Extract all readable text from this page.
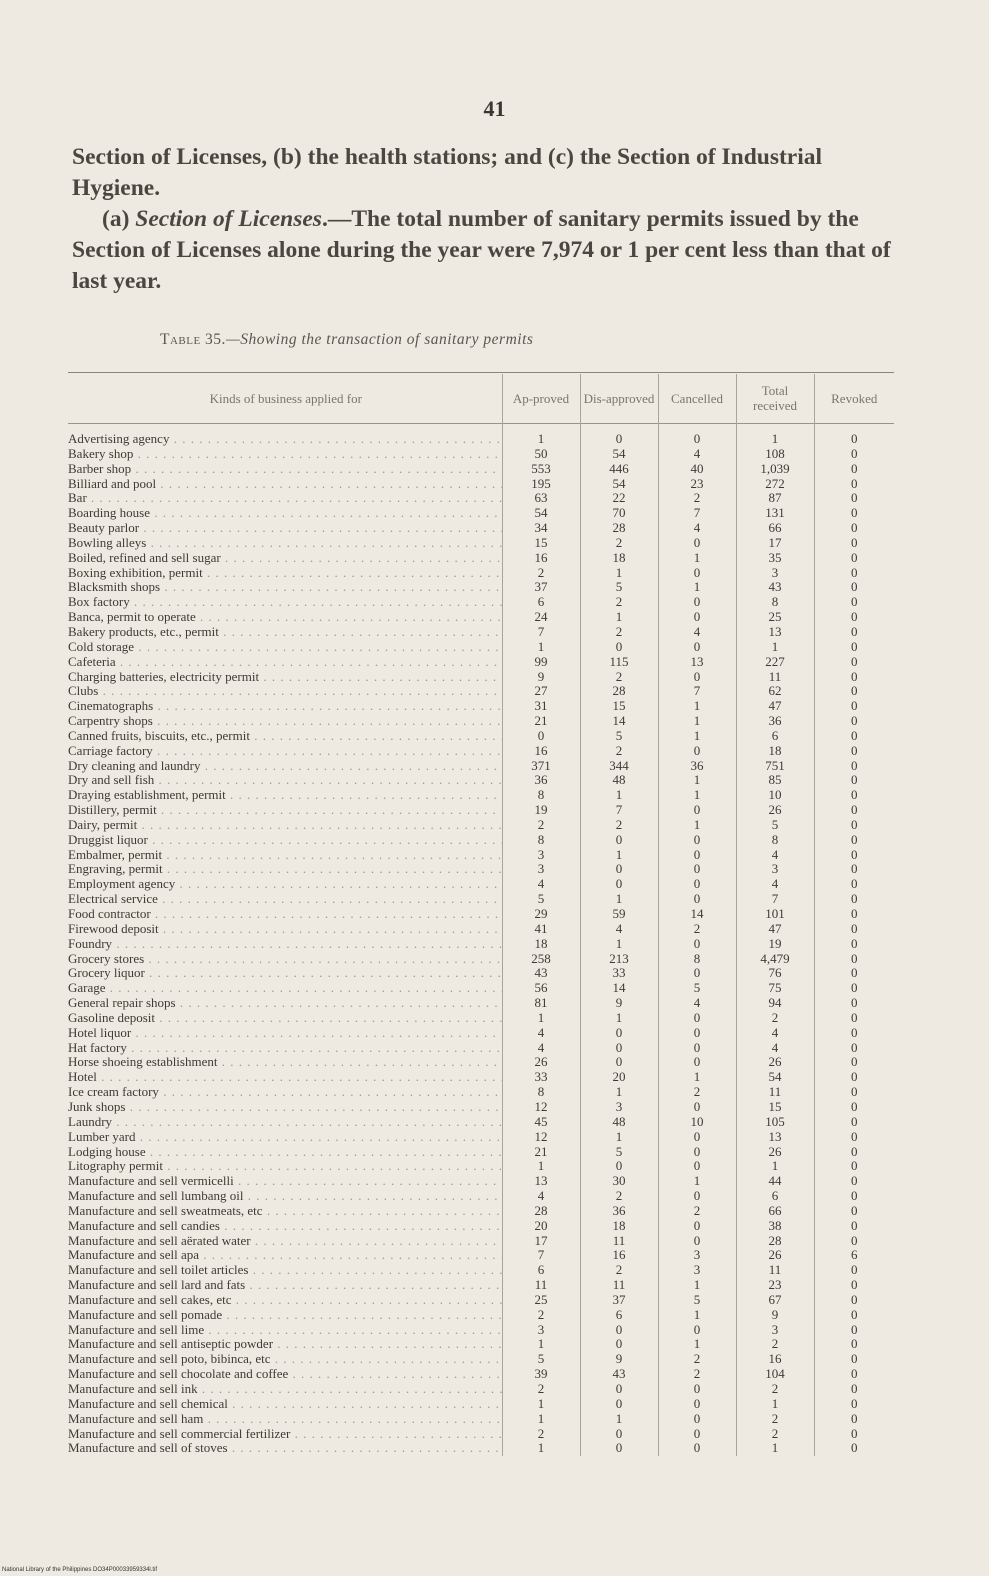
41

Section of Licenses, (b) the health stations; and (c) the Section of Industrial Hygiene.

(a) Section of Licenses.—The total number of sanitary permits issued by the Section of Licenses alone during the year were 7,974 or 1 per cent less than that of last year.

Table 35.—Showing the transaction of sanitary permits
Kinds of business applied for	Ap-proved	Dis-approved	Cancelled	Total received	Revoked
Advertising agency . . .	1	0	0	1	0
Bakery shop . . .	50	54	4	108	0
Barber shop . . .	553	446	40	1,039	0
Billiard and pool . . .	195	54	23	272	0
Bar . . .	63	22	2	87	0
Boarding house . . .	54	70	7	131	0
Beauty parlor . . .	34	28	4	66	0
Bowling alleys . . .	15	2	0	17	0
Boiled, refined and sell sugar . . .	16	18	1	35	0
Boxing exhibition, permit . . .	2	1	0	3	0
Blacksmith shops . . .	37	5	1	43	0
Box factory . . .	6	2	0	8	0
Banca, permit to operate . . .	24	1	0	25	0
Bakery products, etc., permit . . .	7	2	4	13	0
Cold storage . . .	1	0	0	1	0
Cafeteria . . .	99	115	13	227	0
Charging batteries, electricity permit . . .	9	2	0	11	0
Clubs . . .	27	28	7	62	0
Cinematographs . . .	31	15	1	47	0
Carpentry shops . . .	21	14	1	36	0
Canned fruits, biscuits, etc., permit . . .	0	5	1	6	0
Carriage factory . . .	16	2	0	18	0
Dry cleaning and laundry . . .	371	344	36	751	0
Dry and sell fish . . .	36	48	1	85	0
Draying establishment, permit . . .	8	1	1	10	0
Distillery, permit . . .	19	7	0	26	0
Dairy, permit . . .	2	2	1	5	0
Druggist liquor . . .	8	0	0	8	0
Embalmer, permit . . .	3	1	0	4	0
Engraving, permit . . .	3	0	0	3	0
Employment agency . . .	4	0	0	4	0
Electrical service . . .	5	1	0	7	0
Food contractor . . .	29	59	14	101	0
Firewood deposit . . .	41	4	2	47	0
Foundry . . .	18	1	0	19	0
Grocery stores . . .	258	213	8	4,479	0
Grocery liquor . . .	43	33	0	76	0
Garage . . .	56	14	5	75	0
General repair shops . . .	81	9	4	94	0
Gasoline deposit . . .	1	1	0	2	0
Hotel liquor . . .	4	0	0	4	0
Hat factory . . .	4	0	0	4	0
Horse shoeing establishment . . .	26	0	0	26	0
Hotel . . .	33	20	1	54	0
Ice cream factory . . .	8	1	2	11	0
Junk shops . . .	12	3	0	15	0
Laundry . . .	45	48	10	105	0
Lumber yard . . .	12	1	0	13	0
Lodging house . . .	21	5	0	26	0
Litography permit . . .	1	0	0	1	0
Manufacture and sell vermicelli . . .	13	30	1	44	0
Manufacture and sell lumbang oil . . .	4	2	0	6	0
Manufacture and sell sweatmeats, etc . . .	28	36	2	66	0
Manufacture and sell candies . . .	20	18	0	38	0
Manufacture and sell aërated water . . .	17	11	0	28	0
Manufacture and sell apa . . .	7	16	3	26	6
Manufacture and sell toilet articles . . .	6	2	3	11	0
Manufacture and sell lard and fats . . .	11	11	1	23	0
Manufacture and sell cakes, etc . . .	25	37	5	67	0
Manufacture and sell pomade . . .	2	6	1	9	0
Manufacture and sell lime . . .	3	0	0	3	0
Manufacture and sell antiseptic powder . . .	1	0	1	2	0
Manufacture and sell poto, bibinca, etc . . .	5	9	2	16	0
Manufacture and sell chocolate and coffee . . .	39	43	2	104	0
Manufacture and sell ink . . .	2	0	0	2	0
Manufacture and sell chemical . . .	1	0	0	1	0
Manufacture and sell ham . . .	1	1	0	2	0
Manufacture and sell commercial fertilizer . . .	2	0	0	2	0
Manufacture and sell of stoves . . .	1	0	0	1	0
National Library of the Philippines DO34P00033959334l.tif
